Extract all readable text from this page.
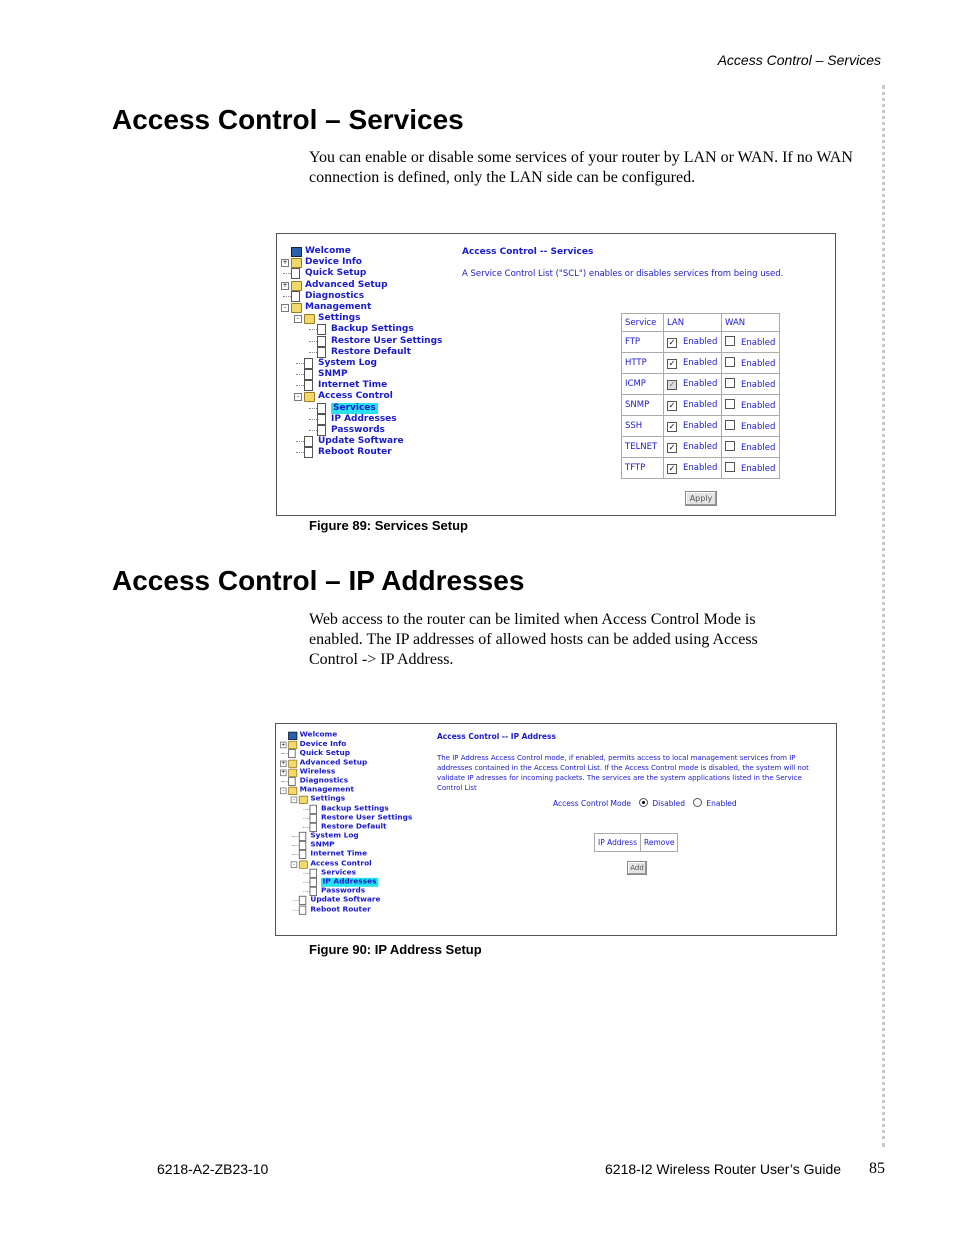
Access Control – Services
Access Control – Services

You can enable or disable some services of your router by LAN or WAN. If no WAN connection is defined, only the LAN side can be configured.

Welcome
+ Device Info
Quick Setup
+ Advanced Setup
Diagnostics
-	Management
-	Settings
Backup Settings
Restore User Settings
Restore Default
System Log
SNMP
Internet Time
-	Access Control
Services
IP Addresses
Passwords
Update Software
Reboot Router
Access Control -- Services
A Service Control List ("SCL") enables or disables services from being used.
Service	LAN	WAN
FTP	✓ Enabled	Enabled
HTTP	✓ Enabled	Enabled
ICMP	✓ Enabled	Enabled
SNMP	✓ Enabled	Enabled
SSH	✓ Enabled	Enabled
TELNET	✓ Enabled	Enabled
TFTP	✓ Enabled	Enabled
Apply
Figure 89: Services Setup
Access Control – IP Addresses

Web access to the router can be limited when Access Control Mode is enabled. The IP addresses of allowed hosts can be added using Access Control -> IP Address.

Welcome
+ Device Info
Quick Setup
+ Advanced Setup
+ Wireless
Diagnostics
- Management
- Settings
Backup Settings
Restore User Settings
Restore Default
System Log
SNMP
Internet Time
- Access Control
Services
IP Addresses
Passwords
Update Software
Reboot Router
Access Control -- IP Address
The IP Address Access Control mode, if enabled, permits access to local management services from IP addresses contained in the Access Control List. If the Access Control mode is disabled, the system will not validate IP adresses for incoming packets. The services are the system applications listed in the Service Control List
Access Control Mode	Disabled	Enabled
IP Address	Remove
Add
Figure 90: IP Address Setup
6218-A2-ZB23-10	6218-I2 Wireless Router User’s Guide 85
